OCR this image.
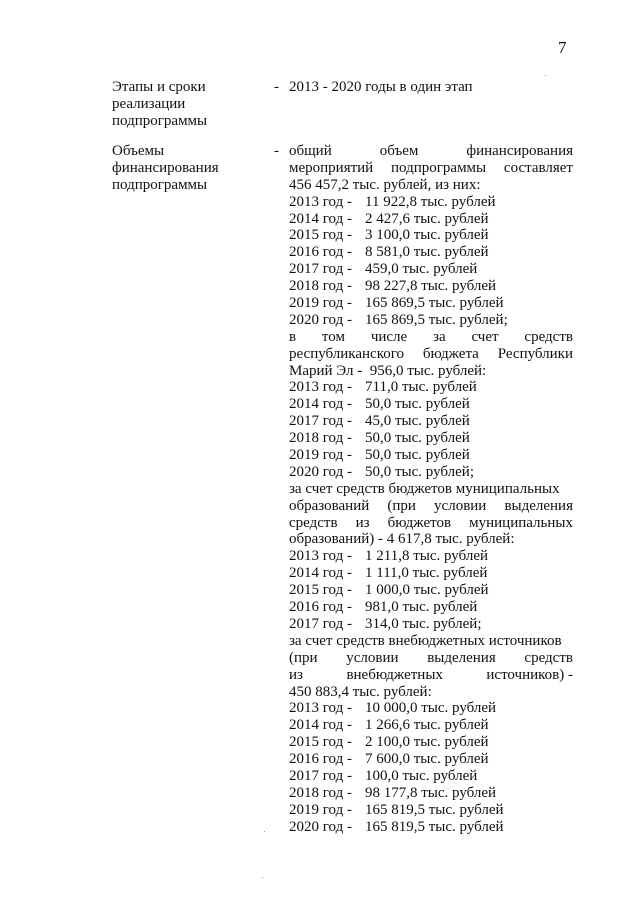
7
Этапы и сроки
реализации
подпрограммы
- 2013 - 2020 годы в один этап
Объемы
финансирования
подпрограммы
- общий	объем	финансирования
мероприятий подпрограммы составляет
456 457,2 тыс. рублей, из них:
2013 год - 11 922,8 тыс. рублей
2014 год - 2 427,6 тыс. рублей
2015 год - 3 100,0 тыс. рублей
2016 год - 8 581,0 тыс. рублей
2017 год - 459,0 тыс. рублей
2018 год - 98 227,8 тыс. рублей
2019 год - 165 869,5 тыс. рублей
2020 год - 165 869,5 тыс. рублей;
в том числе за счет средств
республиканского бюджета Республики
Марий Эл -  956,0 тыс. рублей:
2013 год - 711,0 тыс. рублей
2014 год - 50,0 тыс. рублей
2017 год - 45,0 тыс. рублей
2018 год - 50,0 тыс. рублей
2019 год - 50,0 тыс. рублей
2020 год - 50,0 тыс. рублей;
за счет средств бюджетов муниципальных
образований (при условии выделения
средств из бюджетов муниципальных
образований) - 4 617,8 тыс. рублей:
2013 год - 1 211,8 тыс. рублей
2014 год - 1 111,0 тыс. рублей
2015 год - 1 000,0 тыс. рублей
2016 год - 981,0 тыс. рублей
2017 год - 314,0 тыс. рублей;
за счет средств внебюджетных источников
(при условии выделения средств
из	внебюджетных	источников) -
450 883,4 тыс. рублей:
2013 год - 10 000,0 тыс. рублей
2014 год - 1 266,6 тыс. рублей
2015 год - 2 100,0 тыс. рублей
2016 год - 7 600,0 тыс. рублей
2017 год - 100,0 тыс. рублей
2018 год - 98 177,8 тыс. рублей
2019 год - 165 819,5 тыс. рублей
2020 год - 165 819,5 тыс. рублей
